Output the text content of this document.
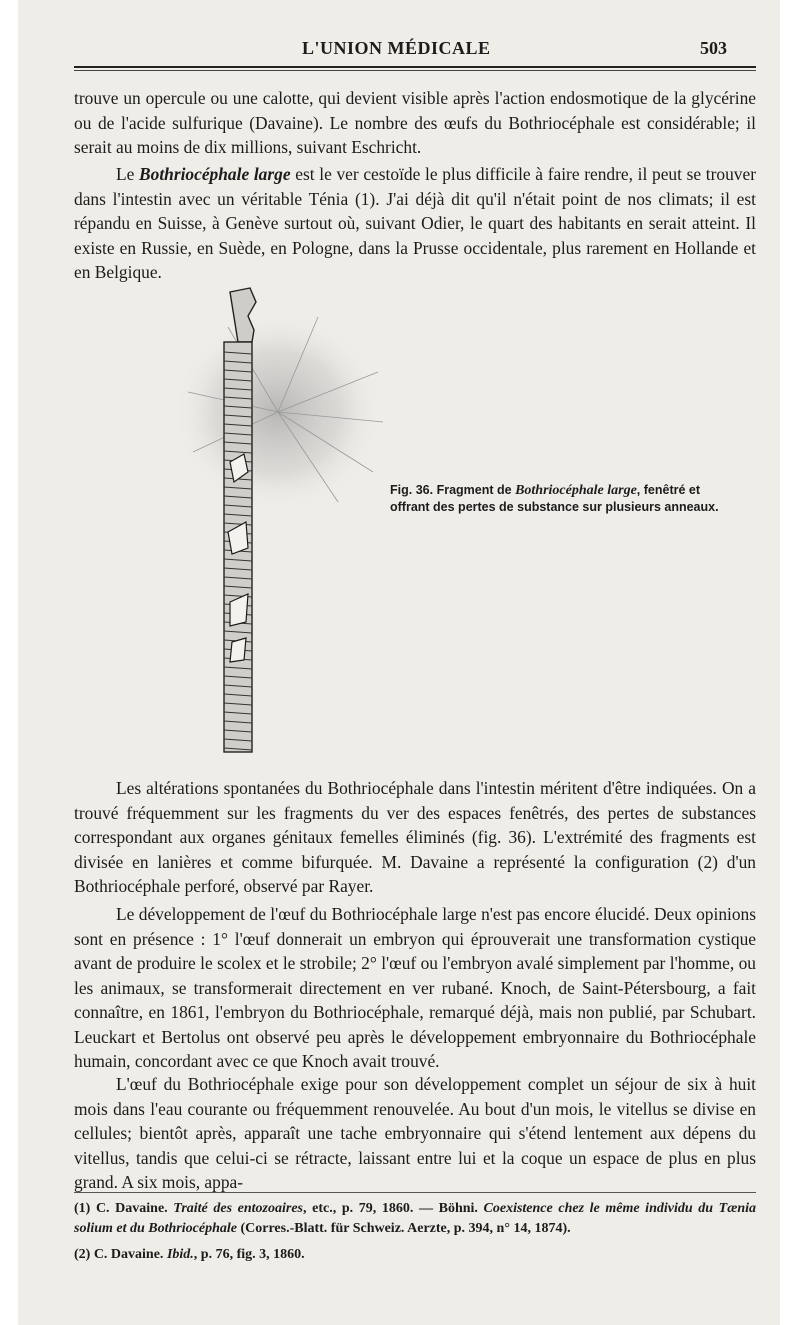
L'UNION MÉDICALE	503

trouve un opercule ou une calotte, qui devient visible après l'action endosmotique de la glycérine ou de l'acide sulfurique (Davaine). Le nombre des œufs du Bothriocéphale est considérable; il serait au moins de dix millions, suivant Eschricht.

Le Bothriocéphale large est le ver cestoïde le plus difficile à faire rendre, il peut se trouver dans l'intestin avec un véritable Ténia (1). J'ai déjà dit qu'il n'était point de nos climats; il est répandu en Suisse, à Genève surtout où, suivant Odier, le quart des habitants en serait atteint. Il existe en Russie, en Suède, en Pologne, dans la Prusse occidentale, plus rarement en Hollande et en Belgique.

Fig. 36. Fragment de Bothriocéphale large, fenêtré et offrant des pertes de substance sur plusieurs anneaux.

Les altérations spontanées du Bothriocéphale dans l'intestin méritent d'être indiquées. On a trouvé fréquemment sur les fragments du ver des espaces fenêtrés, des pertes de substances correspondant aux organes génitaux femelles éliminés (fig. 36). L'extrémité des fragments est divisée en lanières et comme bifurquée. M. Davaine a représenté la configuration (2) d'un Bothriocéphale perforé, observé par Rayer.

Le développement de l'œuf du Bothriocéphale large n'est pas encore élucidé. Deux opinions sont en présence : 1° l'œuf donnerait un embryon qui éprouverait une transformation cystique avant de produire le scolex et le strobile; 2° l'œuf ou l'embryon avalé simplement par l'homme, ou les animaux, se transformerait directement en ver rubané. Knoch, de Saint-Pétersbourg, a fait connaître, en 1861, l'embryon du Bothriocéphale, remarqué déjà, mais non publié, par Schubart. Leuckart et Bertolus ont observé peu après le développement embryonnaire du Bothriocéphale humain, concordant avec ce que Knoch avait trouvé.

L'œuf du Bothriocéphale exige pour son développement complet un séjour de six à huit mois dans l'eau courante ou fréquemment renouvelée. Au bout d'un mois, le vitellus se divise en cellules; bientôt après, apparaît une tache embryonnaire qui s'étend lentement aux dépens du vitellus, tandis que celui-ci se rétracte, laissant entre lui et la coque un espace de plus en plus grand. A six mois, appa-

(1) C. Davaine. Traité des entozoaires, etc., p. 79, 1860. — Böhni. Coexistence chez le même individu du Tænia solium et du Bothriocéphale (Corres.-Blatt. für Schweiz. Aerzte, p. 394, n° 14, 1874).

(2) C. Davaine. Ibid., p. 76, fig. 3, 1860.
